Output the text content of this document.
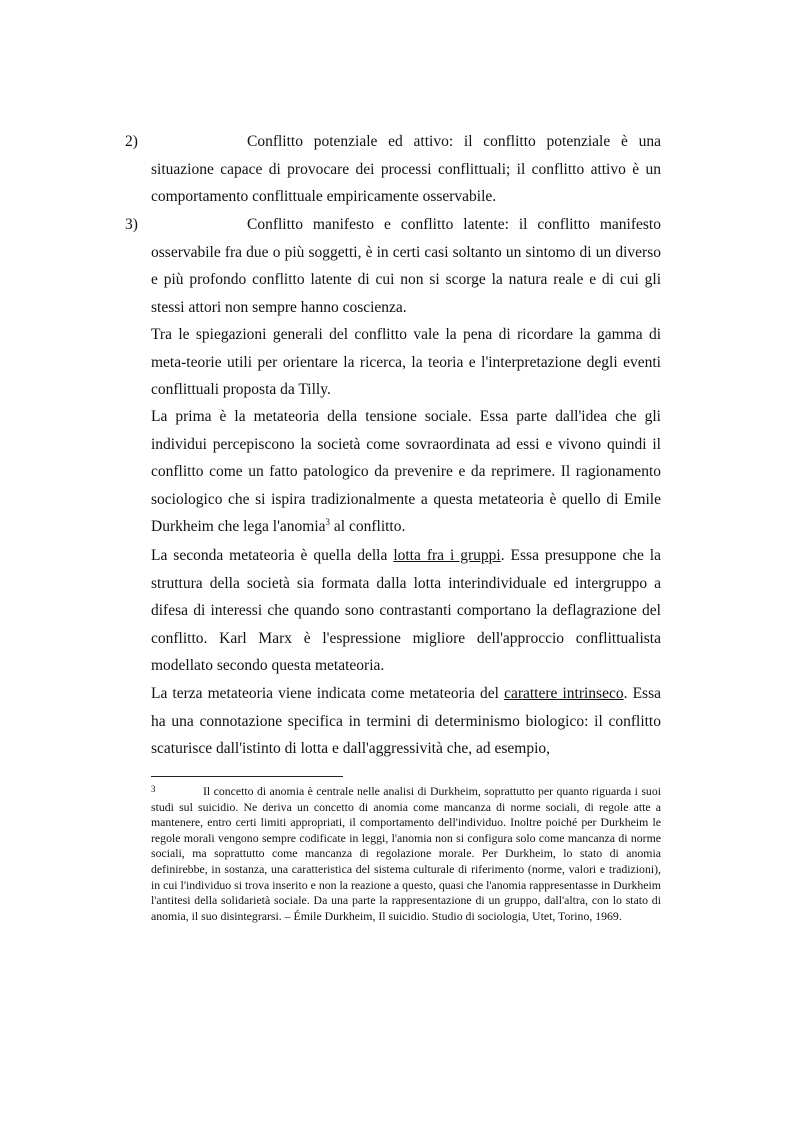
2)	Conflitto potenziale ed attivo: il conflitto potenziale è una situazione capace di provocare dei processi conflittuali; il conflitto attivo è un comportamento conflittuale empiricamente osservabile.
3)	Conflitto manifesto e conflitto latente: il conflitto manifesto osservabile fra due o più soggetti, è in certi casi soltanto un sintomo di un diverso e più profondo conflitto latente di cui non si scorge la natura reale e di cui gli stessi attori non sempre hanno coscienza.
Tra le spiegazioni generali del conflitto vale la pena di ricordare la gamma di meta-teorie utili per orientare la ricerca, la teoria e l'interpretazione degli eventi conflittuali proposta da Tilly.
La prima è la metateoria della tensione sociale. Essa parte dall'idea che gli individui percepiscono la società come sovraordinata ad essi e vivono quindi il conflitto come un fatto patologico da prevenire e da reprimere. Il ragionamento sociologico che si ispira tradizionalmente a questa metateoria è quello di Emile Durkheim che lega l'anomia$^3$ al conflitto.
La seconda metateoria è quella della lotta fra i gruppi. Essa presuppone che la struttura della società sia formata dalla lotta interindividuale ed intergruppo a difesa di interessi che quando sono contrastanti comportano la deflagrazione del conflitto. Karl Marx è l'espressione migliore dell'approccio conflittualista modellato secondo questa metateoria.
La terza metateoria viene indicata come metateoria del carattere intrinseco. Essa ha una connotazione specifica in termini di determinismo biologico: il conflitto scaturisce dall'istinto di lotta e dall'aggressività che, ad esempio,
3	Il concetto di anomia è centrale nelle analisi di Durkheim, soprattutto per quanto riguarda i suoi studi sul suicidio. Ne deriva un concetto di anomia come mancanza di norme sociali, di regole atte a mantenere, entro certi limiti appropriati, il comportamento dell'individuo. Inoltre poiché per Durkheim le regole morali vengono sempre codificate in leggi, l'anomia non si configura solo come mancanza di norme sociali, ma soprattutto come mancanza di regolazione morale. Per Durkheim, lo stato di anomia definirebbe, in sostanza, una caratteristica del sistema culturale di riferimento (norme, valori e tradizioni), in cui l'individuo si trova inserito e non la reazione a questo, quasi che l'anomia rappresentasse in Durkheim l'antitesi della solidarietà sociale. Da una parte la rappresentazione di un gruppo, dall'altra, con lo stato di anomia, il suo disintegrarsi. – Émile Durkheim, Il suicidio. Studio di sociologia, Utet, Torino, 1969.
